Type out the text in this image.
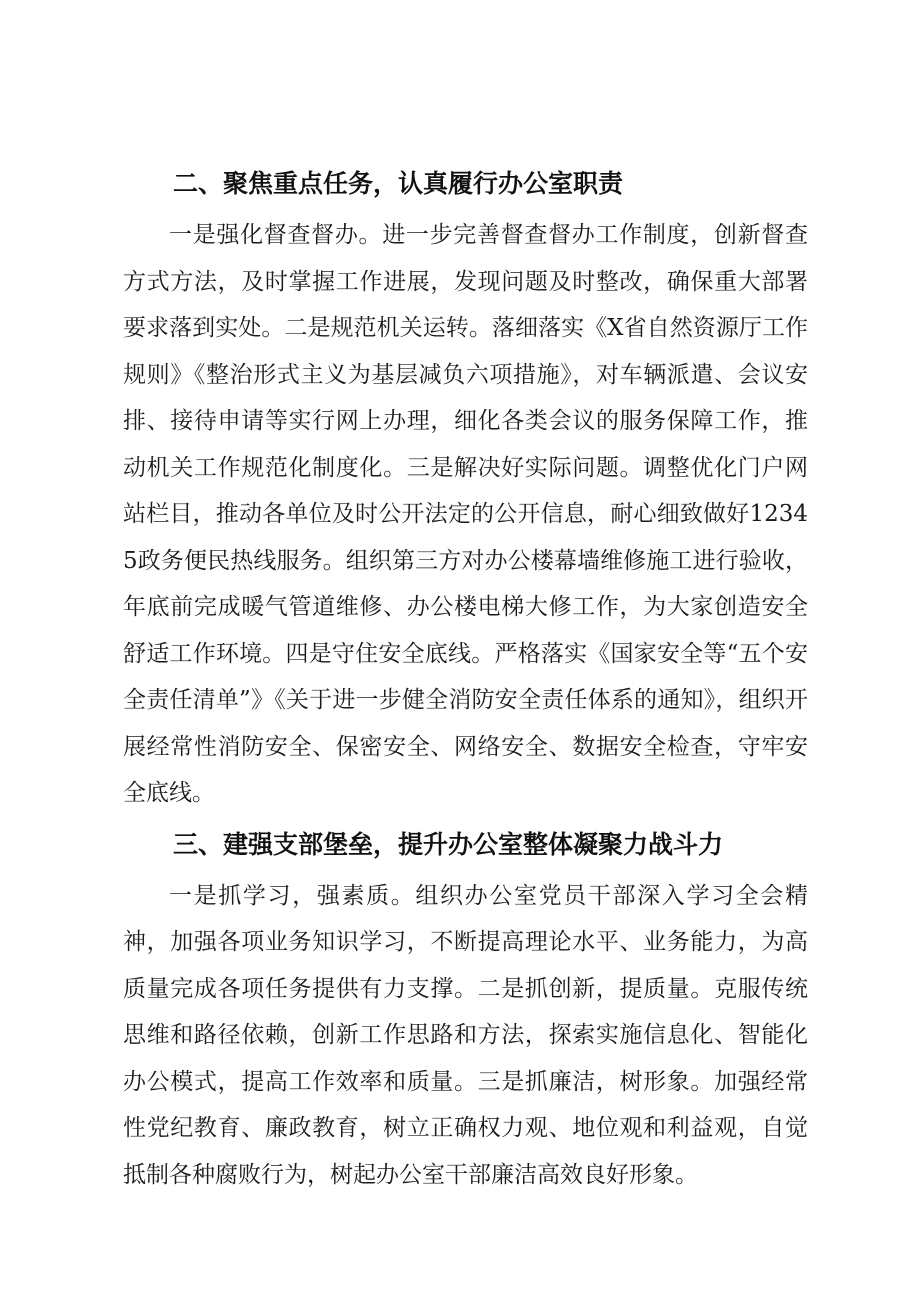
二、聚焦重点任务，认真履行办公室职责

一是强化督查督办。进一步完善督查督办工作制度，创新督查方式方法，及时掌握工作进展，发现问题及时整改，确保重大部署要求落到实处。二是规范机关运转。落细落实《X省自然资源厅工作规则》《整治形式主义为基层减负六项措施》，对车辆派遣、会议安排、接待申请等实行网上办理，细化各类会议的服务保障工作，推动机关工作规范化制度化。三是解决好实际问题。调整优化门户网站栏目，推动各单位及时公开法定的公开信息，耐心细致做好12345政务便民热线服务。组织第三方对办公楼幕墙维修施工进行验收，年底前完成暖气管道维修、办公楼电梯大修工作，为大家创造安全舒适工作环境。四是守住安全底线。严格落实《国家安全等“五个安全责任清单”》《关于进一步健全消防安全责任体系的通知》，组织开展经常性消防安全、保密安全、网络安全、数据安全检查，守牢安全底线。

三、建强支部堡垒，提升办公室整体凝聚力战斗力

一是抓学习，强素质。组织办公室党员干部深入学习全会精神，加强各项业务知识学习，不断提高理论水平、业务能力，为高质量完成各项任务提供有力支撑。二是抓创新，提质量。克服传统思维和路径依赖，创新工作思路和方法，探索实施信息化、智能化办公模式，提高工作效率和质量。三是抓廉洁，树形象。加强经常性党纪教育、廉政教育，树立正确权力观、地位观和利益观，自觉抵制各种腐败行为，树起办公室干部廉洁高效良好形象。
